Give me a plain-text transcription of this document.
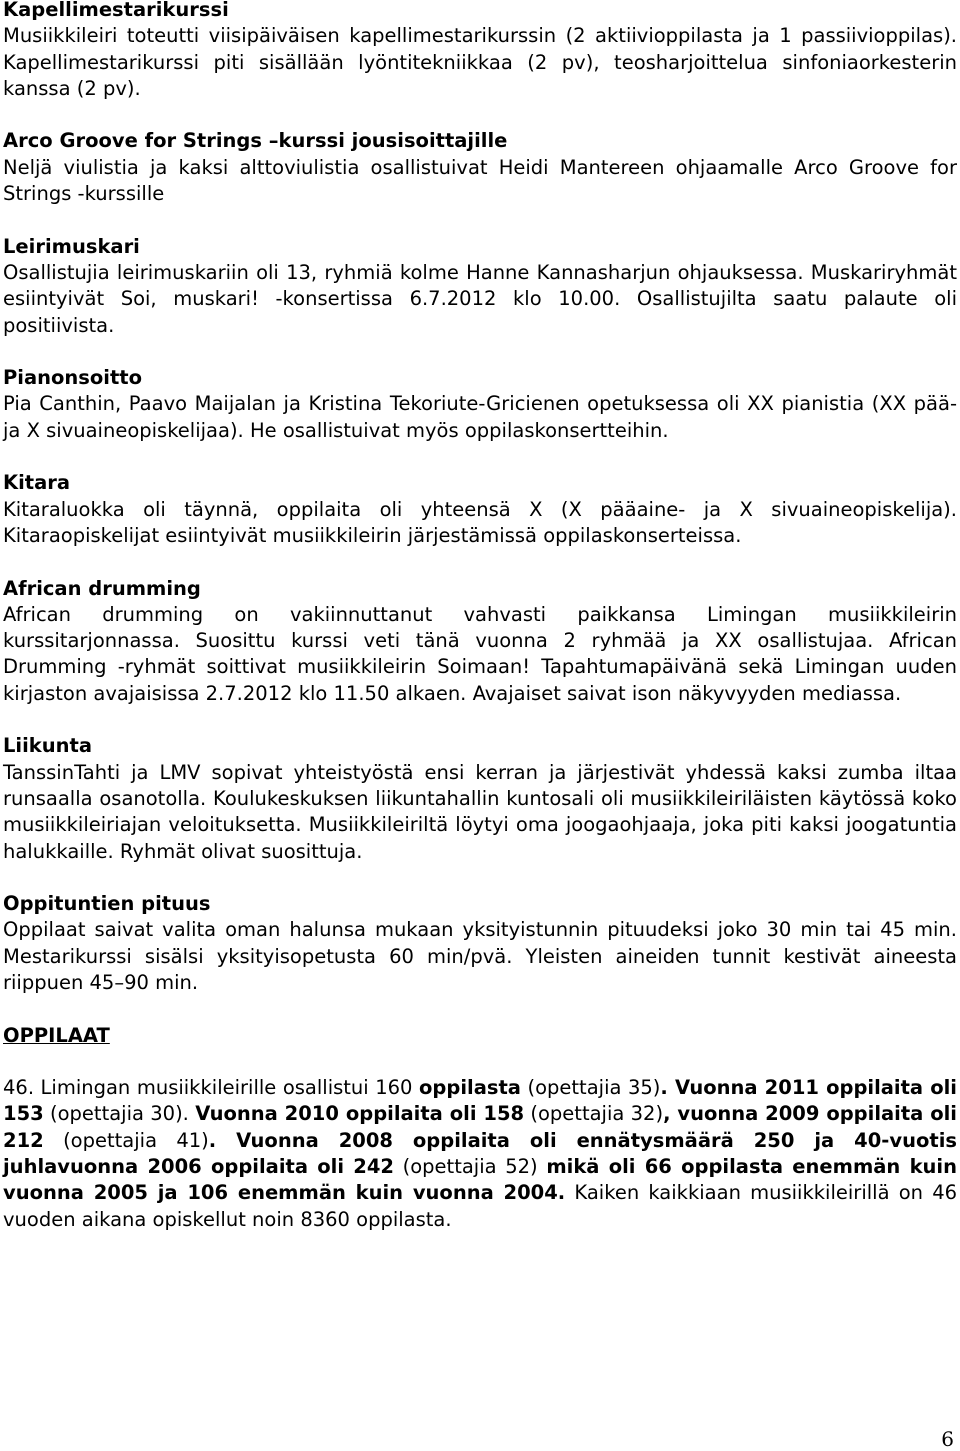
Kapellimestarikurssi
Musiikkileiri toteutti viisipäiväisen kapellimestarikurssin (2 aktiivioppilasta ja 1 passiivioppilas). Kapellimestarikurssi piti sisällään lyöntitekniikkaa (2 pv), teosharjoittelua sinfoniaorkesterin kanssa (2 pv).
Arco Groove for Strings –kurssi jousisoittajille
Neljä viulistia ja kaksi alttoviulistia osallistuivat Heidi Mantereen ohjaamalle Arco Groove for Strings -kurssille
Leirimuskari
Osallistujia leirimuskariin oli 13, ryhmiä kolme Hanne Kannasharjun ohjauksessa. Muskariryhmät esiintyivät Soi, muskari! -konsertissa 6.7.2012 klo 10.00. Osallistujilta saatu palaute oli positiivista.
Pianonsoitto
Pia Canthin, Paavo Maijalan ja Kristina Tekoriute-Gricienen opetuksessa oli XX pianistia (XX pää- ja X sivuaineopiskelijaa). He osallistuivat myös oppilaskonsertteihin.
Kitara
Kitaraluokka oli täynnä, oppilaita oli yhteensä X (X pääaine- ja X sivuaineopiskelija). Kitaraopiskelijat esiintyivät musiikkileirin järjestämissä oppilaskonserteissa.
African drumming
African drumming on vakiinnuttanut vahvasti paikkansa Limingan musiikkileirin kurssitarjonnassa. Suosittu kurssi veti tänä vuonna 2 ryhmää ja XX osallistujaa. African Drumming -ryhmät soittivat musiikkileirin Soimaan! Tapahtumapäivänä sekä Limingan uuden kirjaston avajaisissa 2.7.2012 klo 11.50 alkaen. Avajaiset saivat ison näkyvyyden mediassa.
Liikunta
TanssinTahti ja LMV sopivat yhteistyöstä ensi kerran ja järjestivät yhdessä kaksi zumba iltaa runsaalla osanotolla. Koulukeskuksen liikuntahallin kuntosali oli musiikkileiriläisten käytössä koko musiikkileiriajan veloituksetta. Musiikkileiriltä löytyi oma joogaohjaaja, joka piti kaksi joogatuntia halukkaille. Ryhmät olivat suosittuja.
Oppituntien pituus
Oppilaat saivat valita oman halunsa mukaan yksityistunnin pituudeksi joko 30 min tai 45 min. Mestarikurssi sisälsi yksityisopetusta 60 min/pvä. Yleisten aineiden tunnit kestivät aineesta riippuen 45–90 min.
OPPILAAT
46. Limingan musiikkileirille osallistui 160 oppilasta (opettajia 35). Vuonna 2011 oppilaita oli 153 (opettajia 30). Vuonna 2010 oppilaita oli 158 (opettajia 32), vuonna 2009 oppilaita oli 212 (opettajia 41). Vuonna 2008 oppilaita oli ennätysmäärä 250 ja 40-vuotis juhlavuonna 2006 oppilaita oli 242 (opettajia 52) mikä oli 66 oppilasta enemmän kuin vuonna 2005 ja 106 enemmän kuin vuonna 2004. Kaiken kaikkiaan musiikkileirillä on 46 vuoden aikana opiskellut noin 8360 oppilasta.
6
